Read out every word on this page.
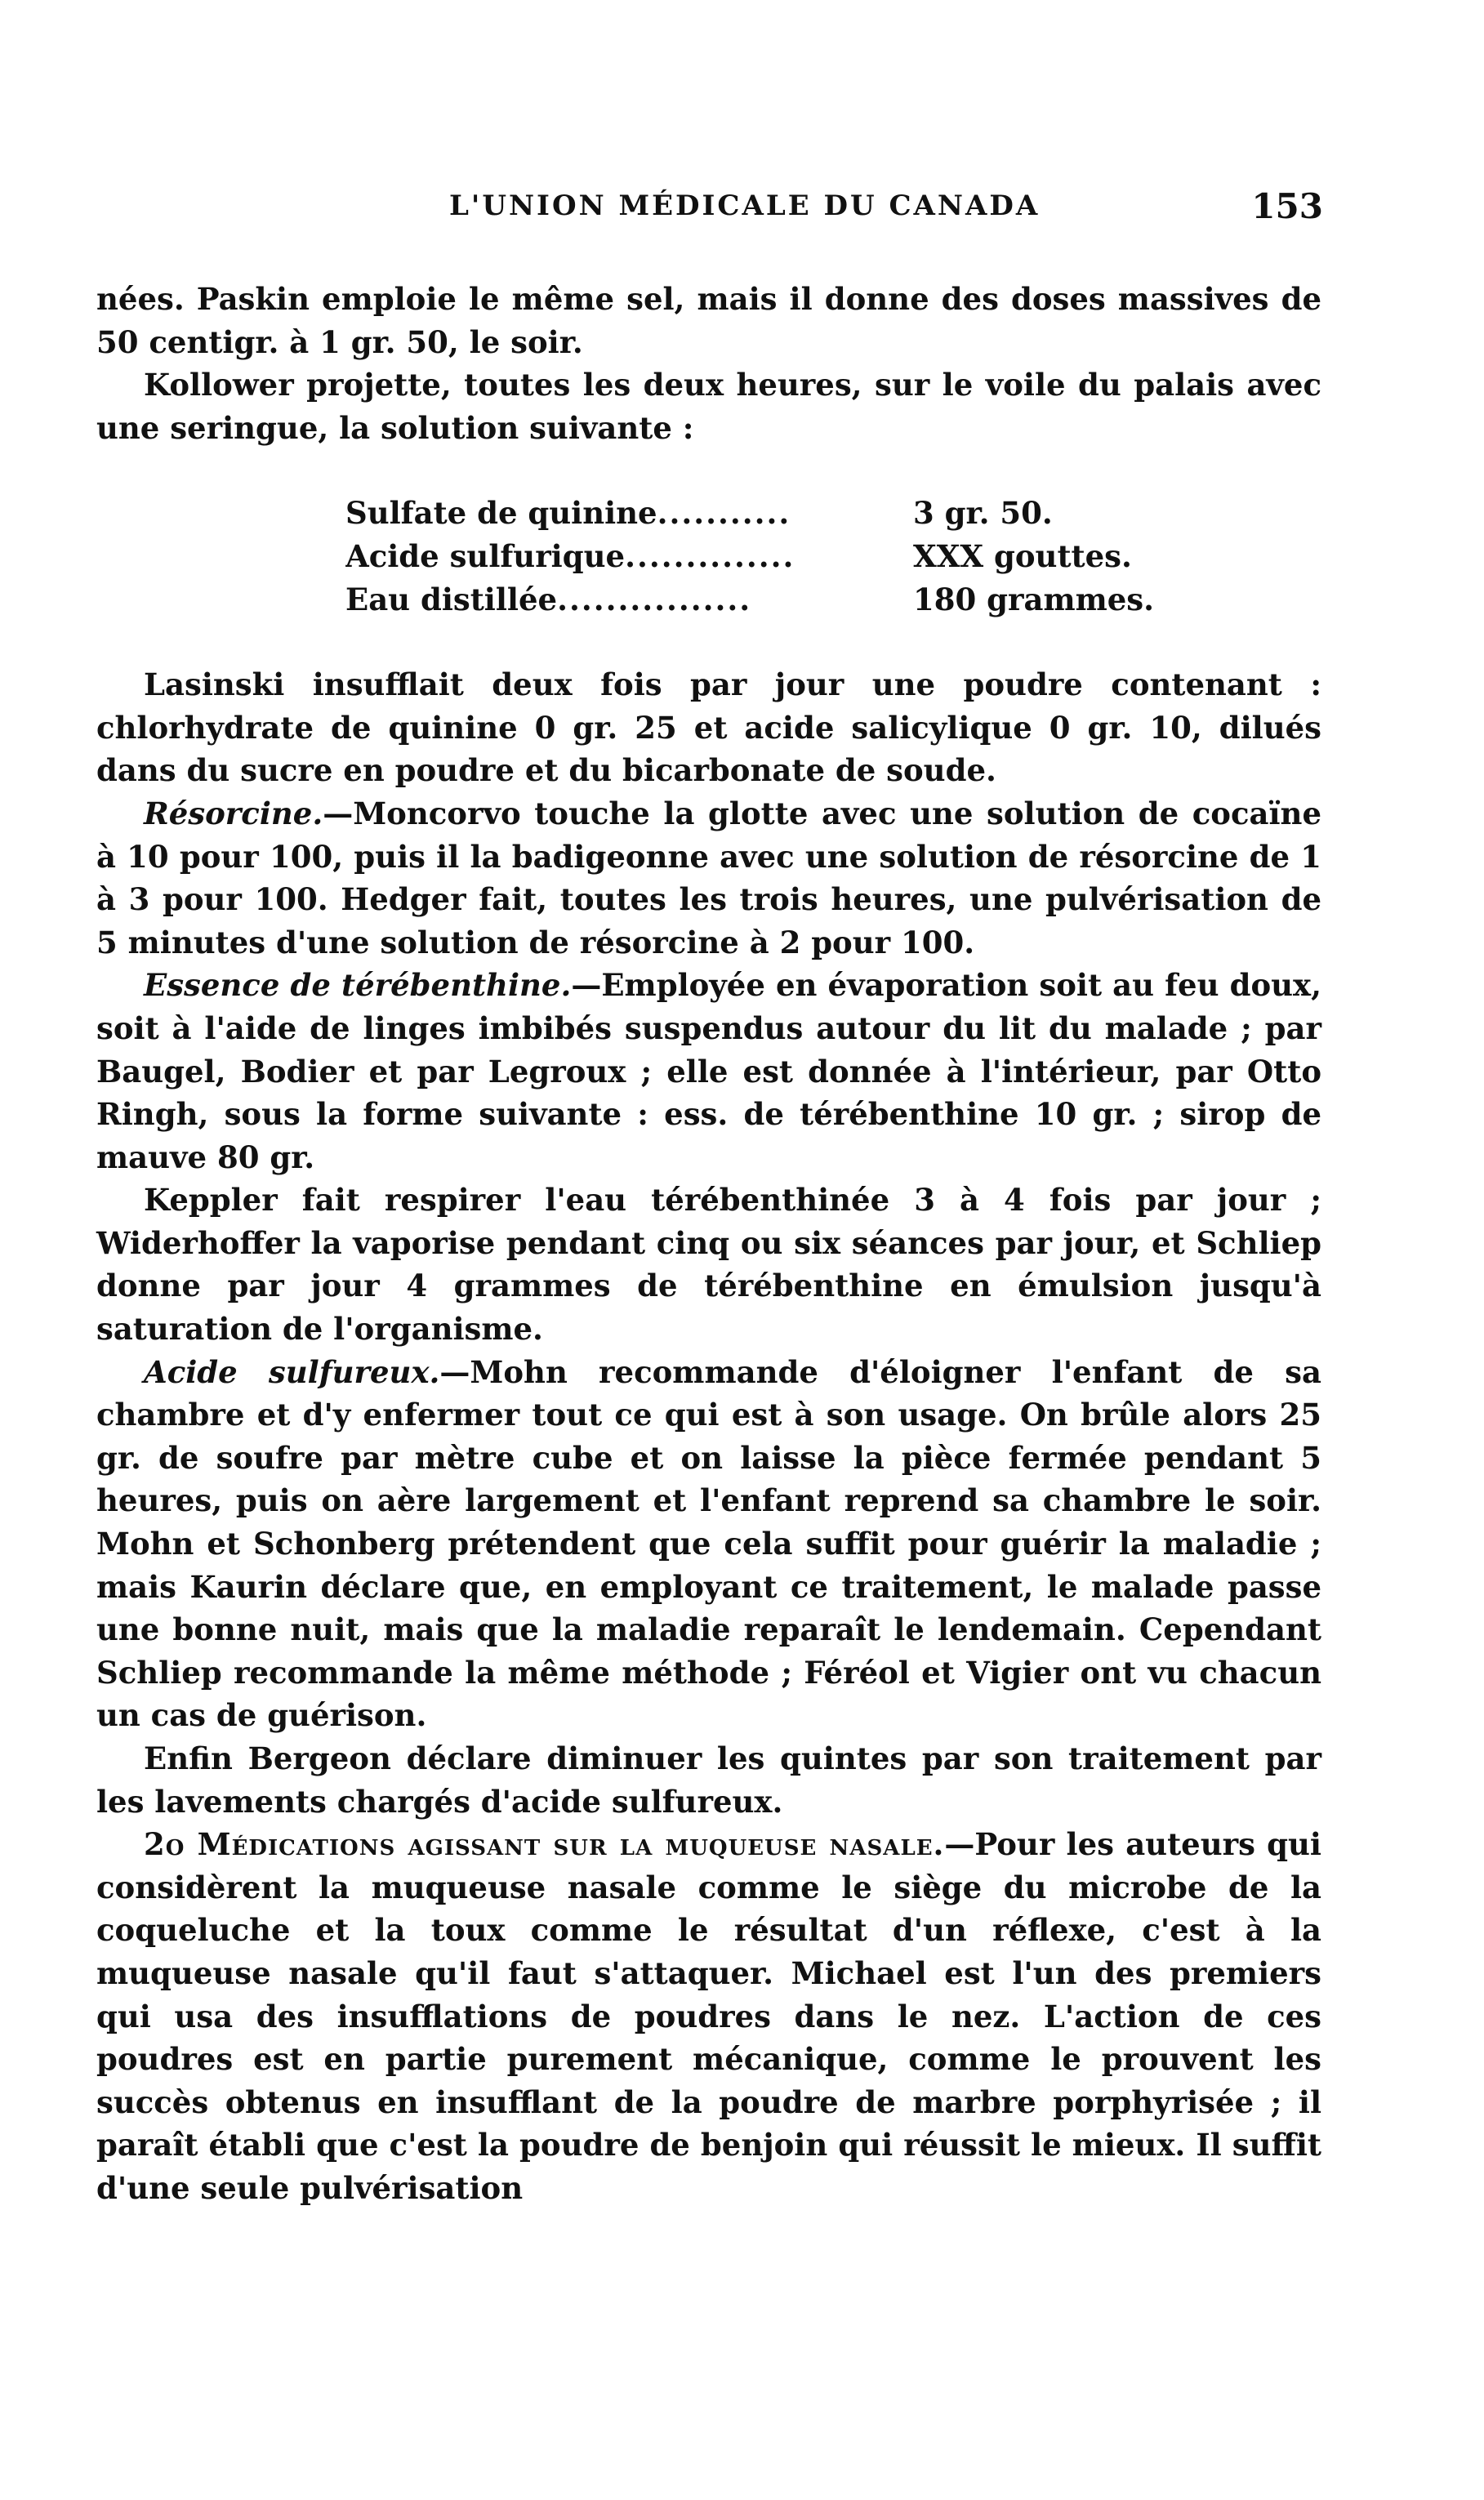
L'UNION MÉDICALE DU CANADA	153

nées. Paskin emploie le même sel, mais il donne des doses massives de 50 centigr. à 1 gr. 50, le soir.

Kollower projette, toutes les deux heures, sur le voile du palais avec une seringue, la solution suivante :

Sulfate de quinine...........	3 gr. 50.
Acide sulfurique..............	XXX gouttes.
Eau distillée................	180 grammes.

Lasinski insufflait deux fois par jour une poudre contenant : chlorhydrate de quinine 0 gr. 25 et acide salicylique 0 gr. 10, dilués dans du sucre en poudre et du bicarbonate de soude.

Résorcine.—Moncorvo touche la glotte avec une solution de cocaïne à 10 pour 100, puis il la badigeonne avec une solution de résorcine de 1 à 3 pour 100. Hedger fait, toutes les trois heures, une pulvérisation de 5 minutes d'une solution de résorcine à 2 pour 100.

Essence de térébenthine.—Employée en évaporation soit au feu doux, soit à l'aide de linges imbibés suspendus autour du lit du malade ; par Baugel, Bodier et par Legroux ; elle est donnée à l'intérieur, par Otto Ringh, sous la forme suivante : ess. de térébenthine 10 gr. ; sirop de mauve 80 gr.

Keppler fait respirer l'eau térébenthinée 3 à 4 fois par jour ; Widerhoffer la vaporise pendant cinq ou six séances par jour, et Schliep donne par jour 4 grammes de térébenthine en émulsion jusqu'à saturation de l'organisme.

Acide sulfureux.—Mohn recommande d'éloigner l'enfant de sa chambre et d'y enfermer tout ce qui est à son usage. On brûle alors 25 gr. de soufre par mètre cube et on laisse la pièce fermée pendant 5 heures, puis on aère largement et l'enfant reprend sa chambre le soir. Mohn et Schonberg prétendent que cela suffit pour guérir la maladie ; mais Kaurin déclare que, en employant ce traitement, le malade passe une bonne nuit, mais que la maladie reparaît le lendemain. Cependant Schliep recommande la même méthode ; Féréol et Vigier ont vu chacun un cas de guérison.

Enfin Bergeon déclare diminuer les quintes par son traitement par les lavements chargés d'acide sulfureux.

2o Médications agissant sur la muqueuse nasale.—Pour les auteurs qui considèrent la muqueuse nasale comme le siège du microbe de la coqueluche et la toux comme le résultat d'un réflexe, c'est à la muqueuse nasale qu'il faut s'attaquer. Michael est l'un des premiers qui usa des insufflations de poudres dans le nez. L'action de ces poudres est en partie purement mécanique, comme le prouvent les succès obtenus en insufflant de la poudre de marbre porphyrisée ; il paraît établi que c'est la poudre de benjoin qui réussit le mieux. Il suffit d'une seule pulvérisation
